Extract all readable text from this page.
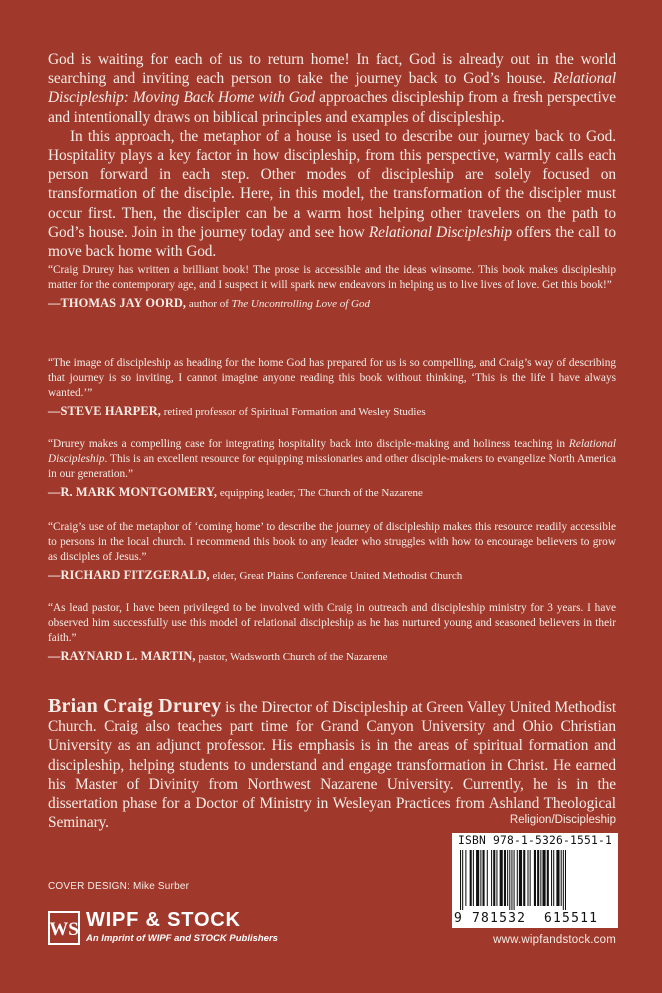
God is waiting for each of us to return home! In fact, God is already out in the world searching and inviting each person to take the journey back to God’s house. Relational Discipleship: Moving Back Home with God approaches discipleship from a fresh perspective and intentionally draws on biblical principles and examples of discipleship.

In this approach, the metaphor of a house is used to describe our journey back to God. Hospitality plays a key factor in how discipleship, from this perspective, warmly calls each person forward in each step. Other modes of discipleship are solely focused on transformation of the disciple. Here, in this model, the transformation of the discipler must occur first. Then, the discipler can be a warm host helping other travelers on the path to God’s house. Join in the journey today and see how Relational Discipleship offers the call to move back home with God.

“Craig Drurey has written a brilliant book! The prose is accessible and the ideas winsome. This book makes discipleship matter for the contemporary age, and I suspect it will spark new endeavors in helping us to live lives of love. Get this book!”

—THOMAS JAY OORD, author of The Uncontrolling Love of God

“The image of discipleship as heading for the home God has prepared for us is so compelling, and Craig’s way of describing that journey is so inviting, I cannot imagine anyone reading this book without thinking, ‘This is the life I have always wanted.’”

—STEVE HARPER, retired professor of Spiritual Formation and Wesley Studies

“Drurey makes a compelling case for integrating hospitality back into disciple-making and holiness teaching in Relational Discipleship. This is an excellent resource for equipping missionaries and other disciple-makers to evangelize North America in our generation.”

—R. MARK MONTGOMERY, equipping leader, The Church of the Nazarene

“Craig’s use of the metaphor of ‘coming home’ to describe the journey of discipleship makes this resource readily accessible to persons in the local church. I recommend this book to any leader who struggles with how to encourage believers to grow as disciples of Jesus.”

—RICHARD FITZGERALD, elder, Great Plains Conference United Methodist Church

“As lead pastor, I have been privileged to be involved with Craig in outreach and discipleship ministry for 3 years. I have observed him successfully use this model of relational discipleship as he has nurtured young and seasoned believers in their faith.”

—RAYNARD L. MARTIN, pastor, Wadsworth Church of the Nazarene

Brian Craig Drurey is the Director of Discipleship at Green Valley United Methodist Church. Craig also teaches part time for Grand Canyon University and Ohio Christian University as an adjunct professor. His emphasis is in the areas of spiritual formation and discipleship, helping students to understand and engage transformation in Christ. He earned his Master of Divinity from Northwest Nazarene University. Currently, he is in the dissertation phase for a Doctor of Ministry in Wesleyan Practices from Ashland Theological Seminary.	Religion/Discipleship
ISBN 978-1-5326-1551-1
9 781532 615511
COVER DESIGN: Mike Surber
WS WIPF & STOCK
An Imprint of WIPF and STOCK Publishers	www.wipfandstock.com
